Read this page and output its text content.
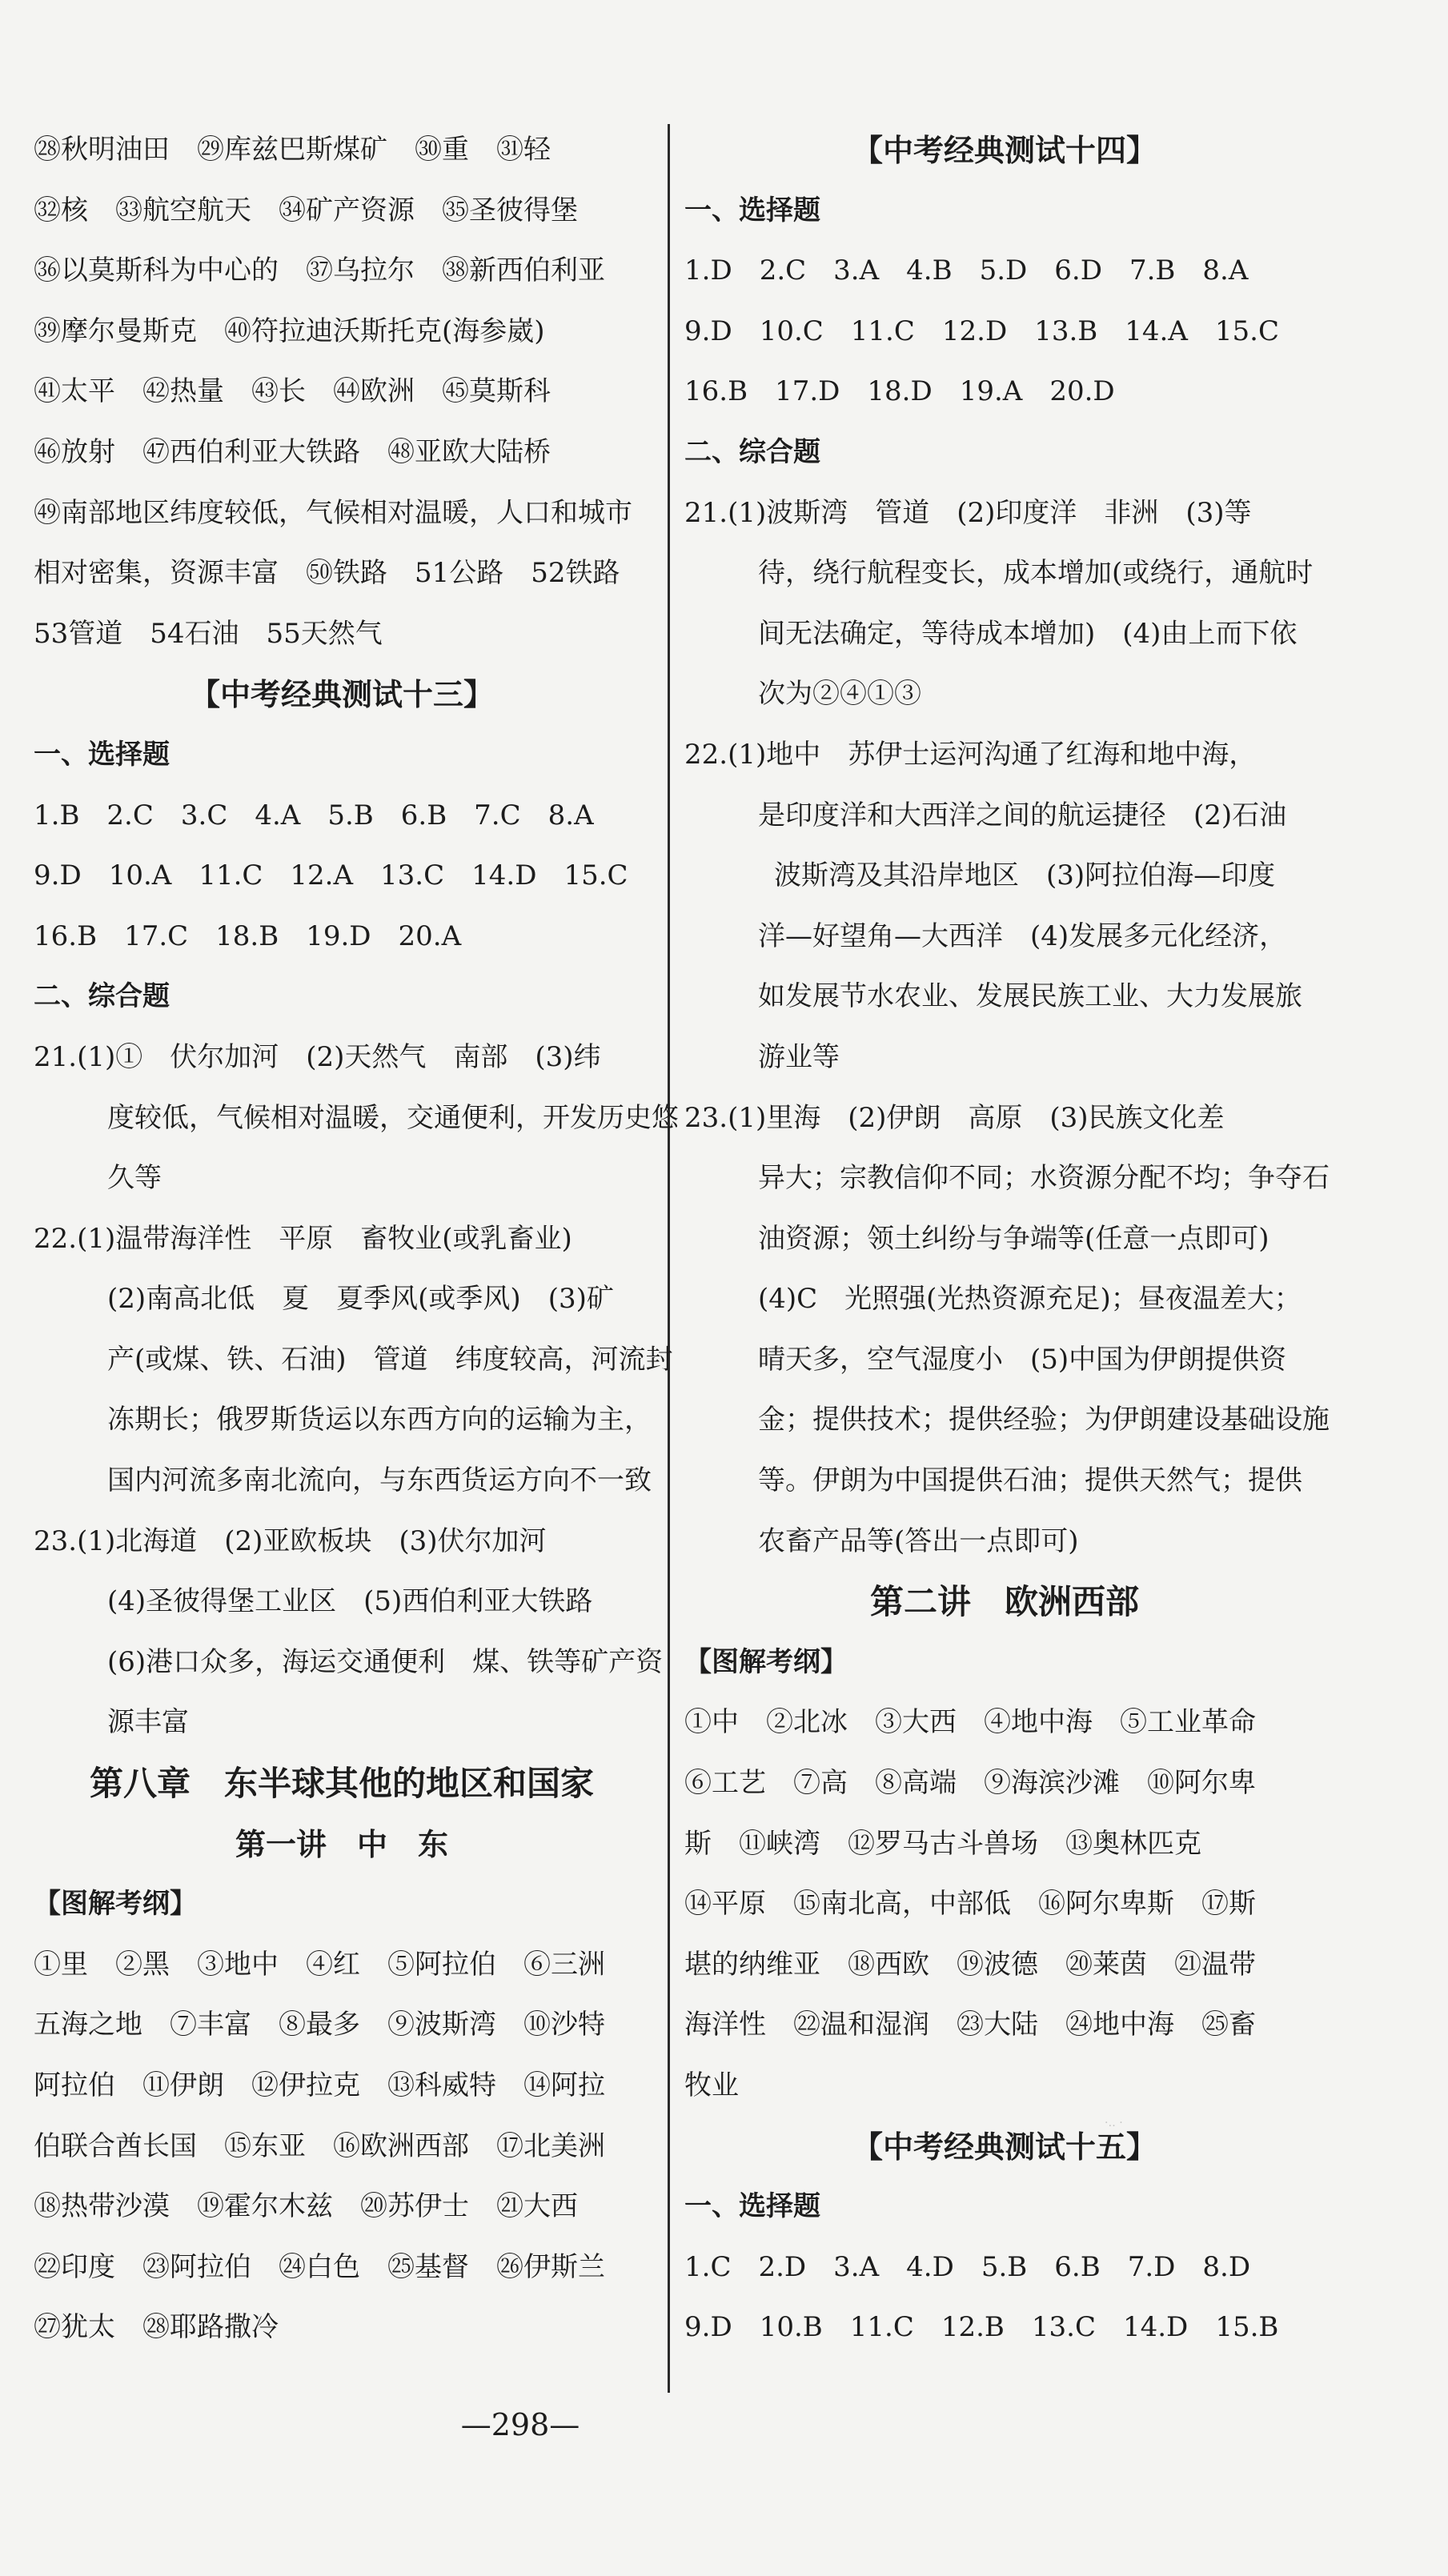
㉘秋明油田　㉙库兹巴斯煤矿　㉚重　㉛轻
㉜核　㉝航空航天　㉞矿产资源　㉟圣彼得堡
㊱以莫斯科为中心的　㊲乌拉尔　㊳新西伯利亚
㊴摩尔曼斯克　㊵符拉迪沃斯托克(海参崴)
㊶太平　㊷热量　㊸长　㊹欧洲　㊺莫斯科
㊻放射　㊼西伯利亚大铁路　㊽亚欧大陆桥
㊾南部地区纬度较低，气候相对温暖，人口和城市
相对密集，资源丰富　㊿铁路　51公路　52铁路
53管道　54石油　55天然气
【中考经典测试十三】
一、选择题
1.B　2.C　3.C　4.A　5.B　6.B　7.C　8.A
9.D　10.A　11.C　12.A　13.C　14.D　15.C
16.B　17.C　18.B　19.D　20.A
二、综合题
21.(1)①　伏尔加河　(2)天然气　南部　(3)纬
度较低，气候相对温暖，交通便利，开发历史悠
久等
22.(1)温带海洋性　平原　畜牧业(或乳畜业)
(2)南高北低　夏　夏季风(或季风)　(3)矿
产(或煤、铁、石油)　管道　纬度较高，河流封
冻期长；俄罗斯货运以东西方向的运输为主，
国内河流多南北流向，与东西货运方向不一致
23.(1)北海道　(2)亚欧板块　(3)伏尔加河
(4)圣彼得堡工业区　(5)西伯利亚大铁路
(6)港口众多，海运交通便利　煤、铁等矿产资
源丰富
第八章　东半球其他的地区和国家
第一讲　中　东
【图解考纲】
①里　②黑　③地中　④红　⑤阿拉伯　⑥三洲
五海之地　⑦丰富　⑧最多　⑨波斯湾　⑩沙特
阿拉伯　⑪伊朗　⑫伊拉克　⑬科威特　⑭阿拉
伯联合酋长国　⑮东亚　⑯欧洲西部　⑰北美洲
⑱热带沙漠　⑲霍尔木兹　⑳苏伊士　㉑大西
㉒印度　㉓阿拉伯　㉔白色　㉕基督　㉖伊斯兰
㉗犹太　㉘耶路撒冷
【中考经典测试十四】
一、选择题
1.D　2.C　3.A　4.B　5.D　6.D　7.B　8.A
9.D　10.C　11.C　12.D　13.B　14.A　15.C
16.B　17.D　18.D　19.A　20.D
二、综合题
21.(1)波斯湾　管道　(2)印度洋　非洲　(3)等
待，绕行航程变长，成本增加(或绕行，通航时
间无法确定，等待成本增加)　(4)由上而下依
次为②④①③
22.(1)地中　苏伊士运河沟通了红海和地中海，
是印度洋和大西洋之间的航运捷径　(2)石油
波斯湾及其沿岸地区　(3)阿拉伯海—印度
洋—好望角—大西洋　(4)发展多元化经济，
如发展节水农业、发展民族工业、大力发展旅
游业等
23.(1)里海　(2)伊朗　高原　(3)民族文化差
异大；宗教信仰不同；水资源分配不均；争夺石
油资源；领土纠纷与争端等(任意一点即可)
(4)C　光照强(光热资源充足)；昼夜温差大；
晴天多，空气湿度小　(5)中国为伊朗提供资
金；提供技术；提供经验；为伊朗建设基础设施
等。伊朗为中国提供石油；提供天然气；提供
农畜产品等(答出一点即可)
第二讲　欧洲西部
【图解考纲】
①中　②北冰　③大西　④地中海　⑤工业革命
⑥工艺　⑦高　⑧高端　⑨海滨沙滩　⑩阿尔卑
斯　⑪峡湾　⑫罗马古斗兽场　⑬奥林匹克
⑭平原　⑮南北高，中部低　⑯阿尔卑斯　⑰斯
堪的纳维亚　⑱西欧　⑲波德　⑳莱茵　㉑温带
海洋性　㉒温和湿润　㉓大陆　㉔地中海　㉕畜
牧业
【中考经典测试十五】
一、选择题
1.C　2.D　3.A　4.D　5.B　6.B　7.D　8.D
9.D　10.B　11.C　12.B　13.C　14.D　15.B
·‥ ·
—298—
